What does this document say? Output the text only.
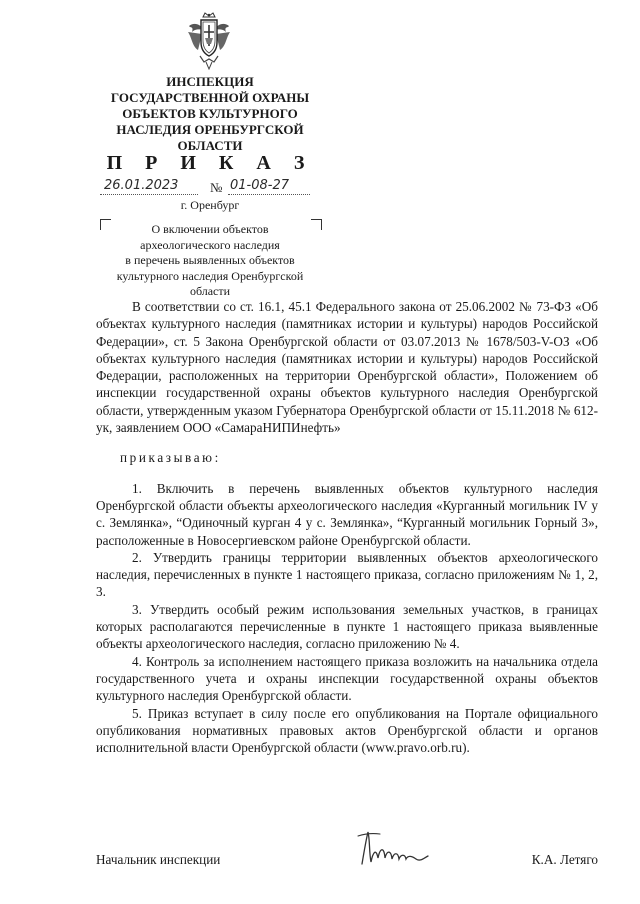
ИНСПЕКЦИЯ
ГОСУДАРСТВЕННОЙ ОХРАНЫ
ОБЪЕКТОВ КУЛЬТУРНОГО
НАСЛЕДИЯ ОРЕНБУРГСКОЙ
ОБЛАСТИ
П Р И К А З
26.01.2023 № 01-08-27
г. Оренбург
О включении объектов
археологического наследия
в перечень выявленных объектов
культурного наследия Оренбургской
области

В соответствии со ст. 16.1, 45.1 Федерального закона от 25.06.2002 № 73-ФЗ «Об объектах культурного наследия (памятниках истории и культуры) народов Российской Федерации», ст. 5 Закона Оренбургской области от 03.07.2013 № 1678/503-V-ОЗ «Об объектах культурного наследия (памятниках истории и культуры) народов Российской Федерации, расположенных на территории Оренбургской области», Положением об инспекции государственной охраны объектов культурного наследия Оренбургской области, утвержденным указом Губернатора Оренбургской области от 15.11.2018 № 612-ук, заявлением ООО «СамараНИПИнефть»

приказываю:

1. Включить в перечень выявленных объектов культурного наследия Оренбургской области объекты археологического наследия «Курганный могильник IV у с. Землянка», “Одиночный курган 4 у с. Землянка», “Курганный могильник Горный 3», расположенные в Новосергиевском районе Оренбургской области.

2. Утвердить границы территории выявленных объектов археологического наследия, перечисленных в пункте 1 настоящего приказа, согласно приложениям № 1, 2, 3.

3. Утвердить особый режим использования земельных участков, в границах которых располагаются перечисленные в пункте 1 настоящего приказа выявленные объекты археологического наследия, согласно приложению № 4.

4. Контроль за исполнением настоящего приказа возложить на начальника отдела государственного учета и охраны инспекции государственной охраны объектов культурного наследия Оренбургской области.

5. Приказ вступает в силу после его опубликования на Портале официального опубликования нормативных правовых актов Оренбургской области и органов исполнительной власти Оренбургской области (www.pravo.orb.ru).

Начальник инспекции	К.А. Летяго
